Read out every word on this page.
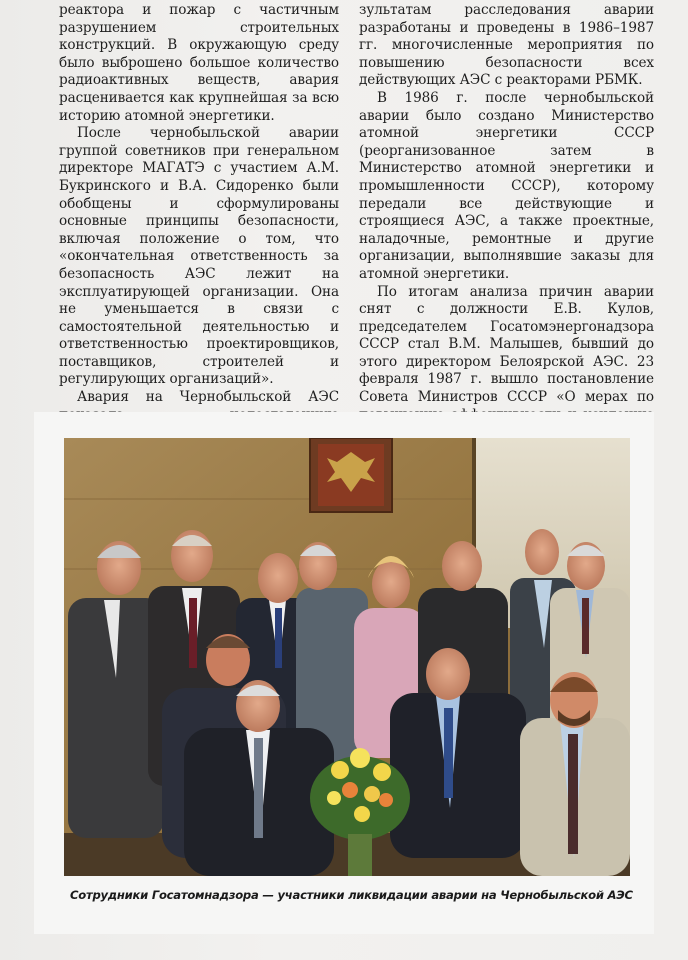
реактора и пожар с частичным разрушением строительных конструкций. В окружающую среду было выброшено большое количество радиоактивных веществ, авария расценивается как крупнейшая за всю историю атомной энергетики.

После чернобыльской аварии группой советников при генеральном директоре МАГАТЭ с участием А.М. Букринского и В.А. Сидоренко были обобщены и сформулированы основные принципы безопасности, включая положение о том, что «окончательная ответственность за безопасность АЭС лежит на эксплуатирующей организации. Она не уменьшается в связи с самостоятельной деятельностью и ответственностью проектировщиков, поставщиков, строителей и регулирующих организаций».

Авария на Чернобыльской АЭС

зультатам расследования аварии разработаны и проведены в 1986–1987 гг. многочисленные мероприятия по повышению безопасности всех действующих АЭС с реакторами РБМК.

В 1986 г. после чернобыльской аварии было создано Министерство атомной энергетики СССР (реорганизованное затем в Министерство атомной энергетики и промышленности СССР), которому передали все действующие и строящиеся АЭС, а также проектные, наладочные, ремонтные и другие организации, выполнявшие заказы для атомной энергетики.

По итогам анализа причин аварии снят с должности Е.В. Кулов, председателем Госатомэнергонадзора СССР стал В.М. Малышев, бывший до этого директором Белоярской АЭС. 23 февраля 1987 г. вышло постановление Совета Министров СССР «О мерах по

Сотрудники Госатомнадзора — участники ликвидации аварии на Чернобыльской АЭС
